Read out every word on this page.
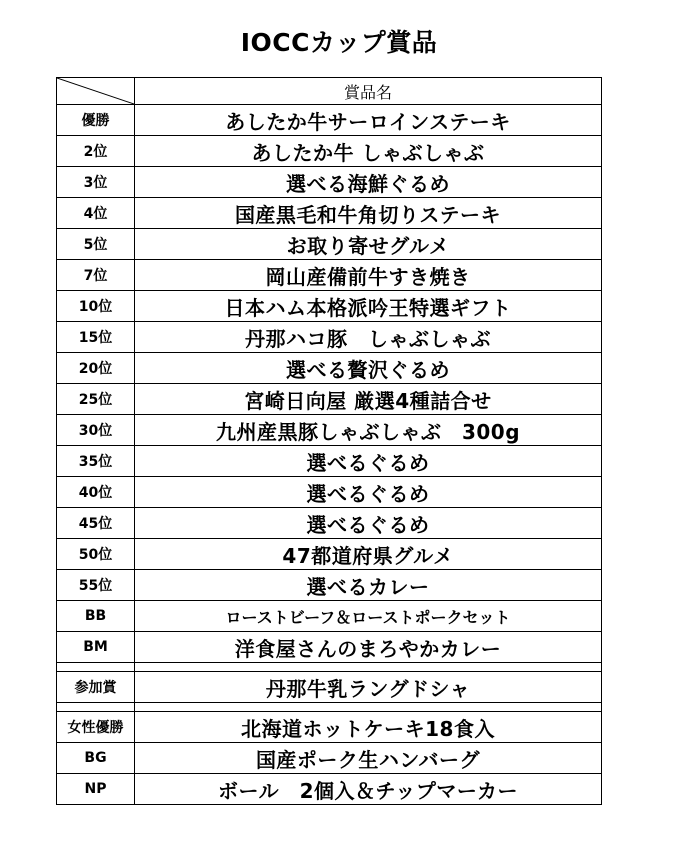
IOCCカップ賞品
	賞品名
優勝	あしたか牛サーロインステーキ
2位	あしたか牛 しゃぶしゃぶ
3位	選べる海鮮ぐるめ
4位	国産黒毛和牛角切りステーキ
5位	お取り寄せグルメ
7位	岡山産備前牛すき焼き
10位	日本ハム本格派吟王特選ギフト
15位	丹那ハコ豚　しゃぶしゃぶ
20位	選べる贅沢ぐるめ
25位	宮崎日向屋 厳選4種詰合せ
30位	九州産黒豚しゃぶしゃぶ　300g
35位	選べるぐるめ
40位	選べるぐるめ
45位	選べるぐるめ
50位	47都道府県グルメ
55位	選べるカレー
BB	ローストビーフ＆ローストポークセット
BM	洋食屋さんのまろやかカレー

参加賞	丹那牛乳ラングドシャ

女性優勝	北海道ホットケーキ18食入
BG	国産ポーク生ハンバーグ
NP	ボール　2個入＆チップマーカー
